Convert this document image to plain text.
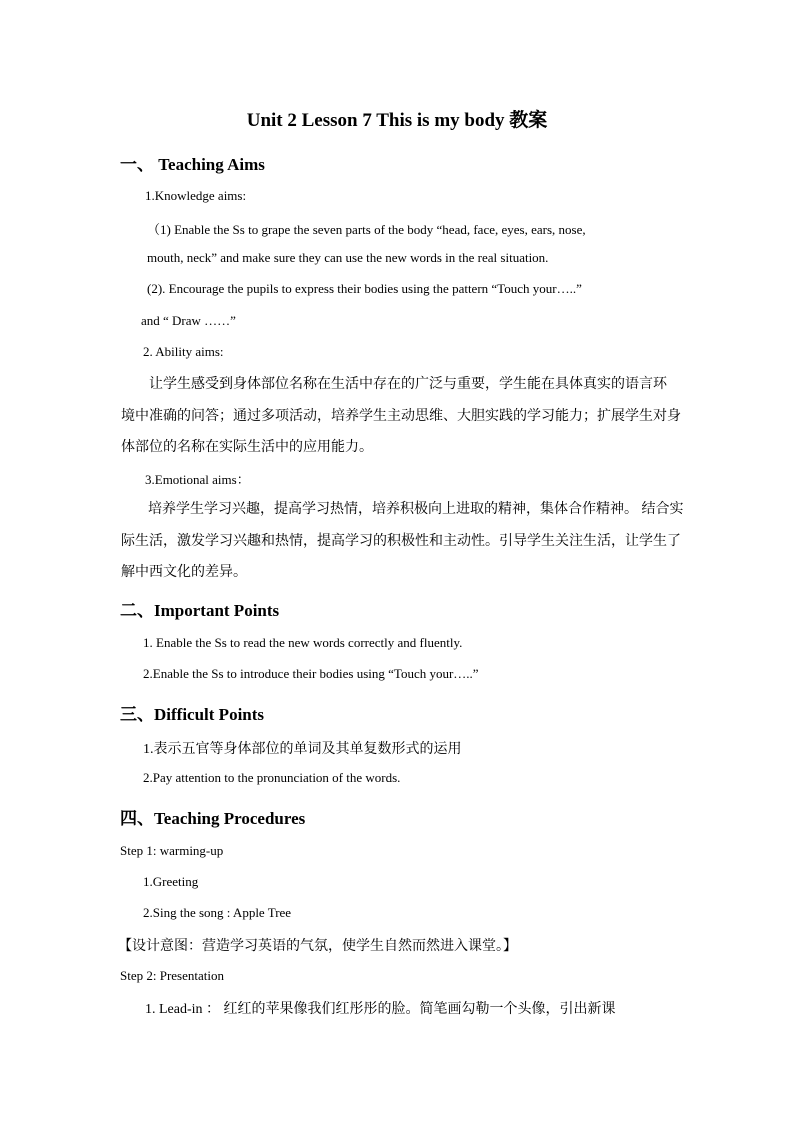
Unit 2 Lesson 7 This is my body 教案
一、 Teaching Aims
1.Knowledge aims:
（1) Enable the Ss to grape the seven parts of the body “head, face, eyes, ears, nose,
mouth, neck” and make sure they can use the new words in the real situation.
(2). Encourage the pupils to express their bodies using the pattern “Touch your…..”
and “ Draw ……”
2. Ability aims:
让学生感受到身体部位名称在生活中存在的广泛与重要，学生能在具体真实的语言环
境中准确的问答；通过多项活动，培养学生主动思维、大胆实践的学习能力；扩展学生对身
体部位的名称在实际生活中的应用能力。
3.Emotional aims：
培养学生学习兴趣，提高学习热情，培养积极向上进取的精神，集体合作精神。 结合实
际生活，激发学习兴趣和热情，提高学习的积极性和主动性。引导学生关注生活，让学生了
解中西文化的差异。
二、Important Points
1. Enable the Ss to read the new words correctly and fluently.
2.Enable the Ss to introduce their bodies using “Touch your…..”
三、Difficult Points
1.表示五官等身体部位的单词及其单复数形式的运用
2.Pay attention to the pronunciation of the words.
四、Teaching Procedures
Step 1: warming-up
1.Greeting
2.Sing the song : Apple Tree
【设计意图：营造学习英语的气氛，使学生自然而然进入课堂。】
Step 2: Presentation
1. Lead-in ： 红红的苹果像我们红彤彤的脸。简笔画勾勒一个头像，引出新课
